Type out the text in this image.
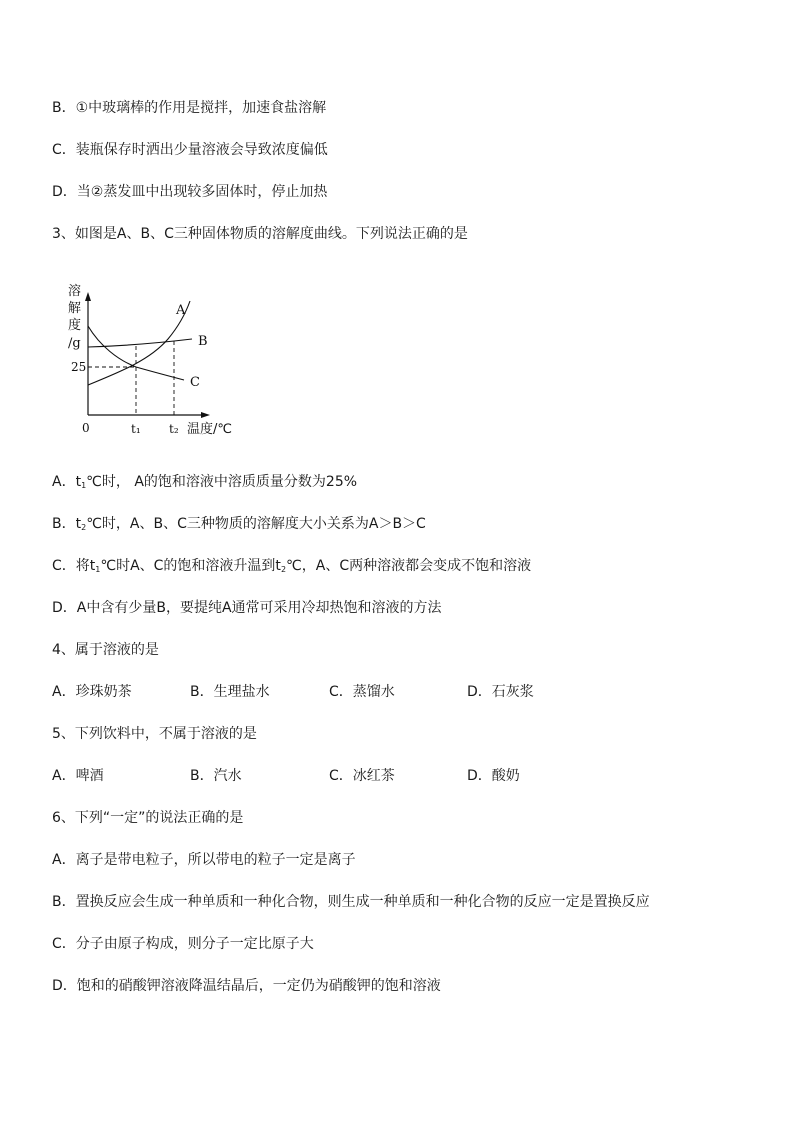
B．①中玻璃棒的作用是搅拌，加速食盐溶解
C．装瓶保存时洒出少量溶液会导致浓度偏低
D．当②蒸发皿中出现较多固体时，停止加热
3、如图是A、B、C三种固体物质的溶解度曲线。下列说法正确的是
溶
解
度
/g
A
B
C
25
0	t₁ t₂ 温度/℃
A．$t_1℃$时， A的饱和溶液中溶质质量分数为25%
B．$t_2℃$时，A、B、C三种物质的溶解度大小关系为A＞B＞C
C．将$t_1℃$时A、C的饱和溶液升温到$t_2℃$，A、C两种溶液都会变成不饱和溶液
D．A中含有少量B，要提纯A通常可采用冷却热饱和溶液的方法
4、属于溶液的是
A．珍珠奶茶	B．生理盐水	C．蒸馏水	D．石灰浆
5、下列饮料中，不属于溶液的是
A．啤酒	B．汽水	C．冰红茶	D．酸奶
6、下列“一定”的说法正确的是
A．离子是带电粒子，所以带电的粒子一定是离子
B．置换反应会生成一种单质和一种化合物，则生成一种单质和一种化合物的反应一定是置换反应
C．分子由原子构成，则分子一定比原子大
D．饱和的硝酸钾溶液降温结晶后，一定仍为硝酸钾的饱和溶液
